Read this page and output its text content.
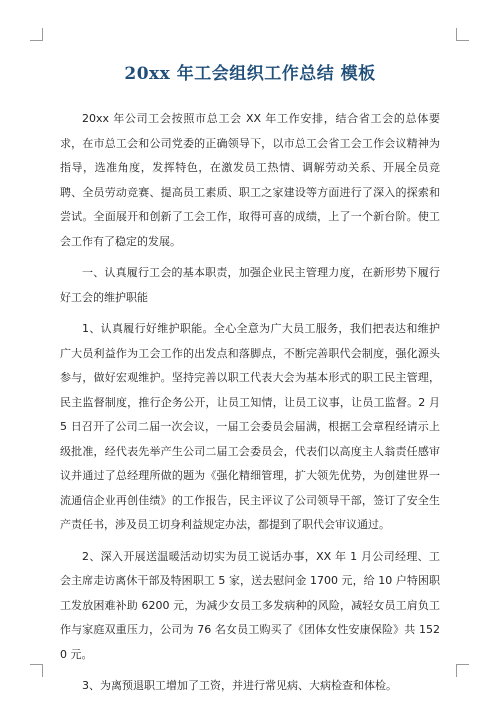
20xx 年工会组织工作总结 模板

20xx 年公司工会按照市总工会 XX 年工作安排，结合省工会的总体要求，在市总工会和公司党委的正确领导下，以市总工会省工会工作会议精神为指导，选准角度，发挥特色，在激发员工热情、调解劳动关系、开展全员竞聘、全员劳动竞赛、提高员工素质、职工之家建设等方面进行了深入的探索和尝试。全面展开和创新了工会工作，取得可喜的成绩，上了一个新台阶。使工会工作有了稳定的发展。

一、认真履行工会的基本职责，加强企业民主管理力度，在新形势下履行好工会的维护职能

1、认真履行好维护职能。全心全意为广大员工服务，我们把表达和维护广大员利益作为工会工作的出发点和落脚点，不断完善职代会制度，强化源头参与，做好宏观维护。坚持完善以职工代表大会为基本形式的职工民主管理，民主监督制度，推行企务公开，让员工知情，让员工议事，让员工监督。2 月 5 日召开了公司二届一次会议，一届工会委员会届满，根据工会章程经请示上级批准，经代表先举产生公司二届工会委员会，代表们以高度主人翁责任感审议并通过了总经理所做的题为《强化精细管理，扩大领先优势，为创建世界一流通信企业再创佳绩》的工作报告，民主评议了公司领导干部，签订了安全生产责任书，涉及员工切身利益规定办法，都提到了职代会审议通过。

2、深入开展送温暖活动切实为员工说话办事，XX 年 1 月公司经理、工会主席走访离休干部及特困职工 5 家，送去慰问金 1700 元，给 10 户特困职工发放困难补助 6200 元，为减少女员工多发病种的风险，减轻女员工肩负工作与家庭双重压力，公司为 76 名女员工购买了《团体女性安康保险》共 1520 元。

3、为离预退职工增加了工资，并进行常见病、大病检查和体检。
